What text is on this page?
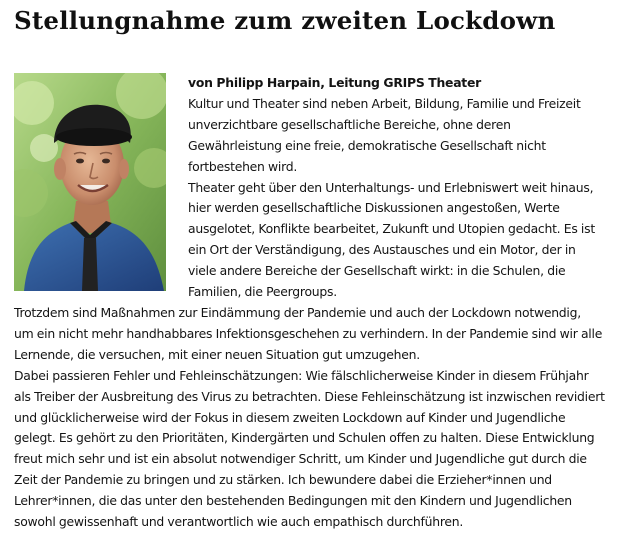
Stellungnahme zum zweiten Lockdown

von Philipp Harpain, Leitung GRIPS Theater

Kultur und Theater sind neben Arbeit, Bildung, Familie und Freizeit
unverzichtbare gesellschaftliche Bereiche, ohne deren
Gewährleistung eine freie, demokratische Gesellschaft nicht
fortbestehen wird.

Theater geht über den Unterhaltungs- und Erlebniswert weit hinaus,
hier werden gesellschaftliche Diskussionen angestoßen, Werte
ausgelotet, Konflikte bearbeitet, Zukunft und Utopien gedacht. Es ist
ein Ort der Verständigung, des Austausches und ein Motor, der in
viele andere Bereiche der Gesellschaft wirkt: in die Schulen, die
Familien, die Peergroups.

Trotzdem sind Maßnahmen zur Eindämmung der Pandemie und auch der Lockdown notwendig,
um ein nicht mehr handhabbares Infektionsgeschehen zu verhindern. In der Pandemie sind wir alle
Lernende, die versuchen, mit einer neuen Situation gut umzugehen.

Dabei passieren Fehler und Fehleinschätzungen: Wie fälschlicherweise Kinder in diesem Frühjahr
als Treiber der Ausbreitung des Virus zu betrachten. Diese Fehleinschätzung ist inzwischen revidiert
und glücklicherweise wird der Fokus in diesem zweiten Lockdown auf Kinder und Jugendliche
gelegt. Es gehört zu den Prioritäten, Kindergärten und Schulen offen zu halten. Diese Entwicklung
freut mich sehr und ist ein absolut notwendiger Schritt, um Kinder und Jugendliche gut durch die
Zeit der Pandemie zu bringen und zu stärken. Ich bewundere dabei die Erzieher*innen und
Lehrer*innen, die das unter den bestehenden Bedingungen mit den Kindern und Jugendlichen
sowohl gewissenhaft und verantwortlich wie auch empathisch durchführen.
